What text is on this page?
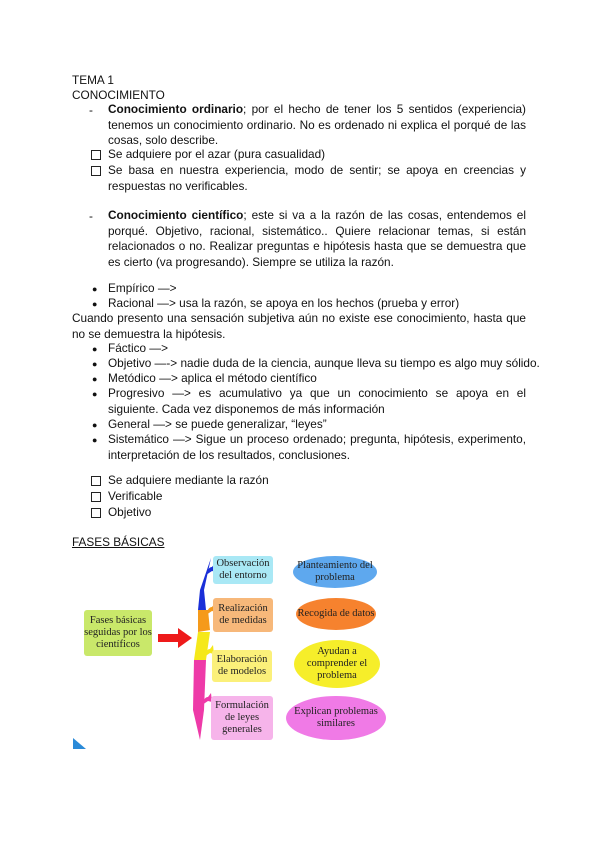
TEMA 1
CONOCIMIENTO
- Conocimiento ordinario; por el hecho de tener los 5 sentidos (experiencia) tenemos un conocimiento ordinario. No es ordenado ni explica el porqué de las cosas, solo describe.
Se adquiere por el azar (pura casualidad)
Se basa en nuestra experiencia, modo de sentir; se apoya en creencias y respuestas no verificables.
- Conocimiento científico; este si va a la razón de las cosas, entendemos el porqué. Objetivo, racional, sistemático.. Quiere relacionar temas, si están relacionados o no. Realizar preguntas e hipótesis hasta que se demuestra que es cierto (va progresando). Siempre se utiliza la razón.
● Empírico —>
● Racional —> usa la razón, se apoya en los hechos (prueba y error)
Cuando presento una sensación subjetiva aún no existe ese conocimiento, hasta que no se demuestra la hipótesis.
● Fáctico —>
● Objetivo —-> nadie duda de la ciencia, aunque lleva su tiempo es algo muy sólido.
● Metódico —> aplica el método científico
● Progresivo —> es acumulativo ya que un conocimiento se apoya en el siguiente. Cada vez disponemos de más información
● General —> se puede generalizar, “leyes”
● Sistemático —> Sigue un proceso ordenado; pregunta, hipótesis, experimento, interpretación de los resultados, conclusiones.
Se adquiere mediante la razón
Verificable
Objetivo
FASES BÁSICAS
Fases básicas seguidas por los científicos
Observación del entorno
Realización de medidas
Elaboración de modelos
Formulación de leyes generales
Planteamiento del problema
Recogida de datos
Ayudan a comprender el problema
Explican problemas similares
